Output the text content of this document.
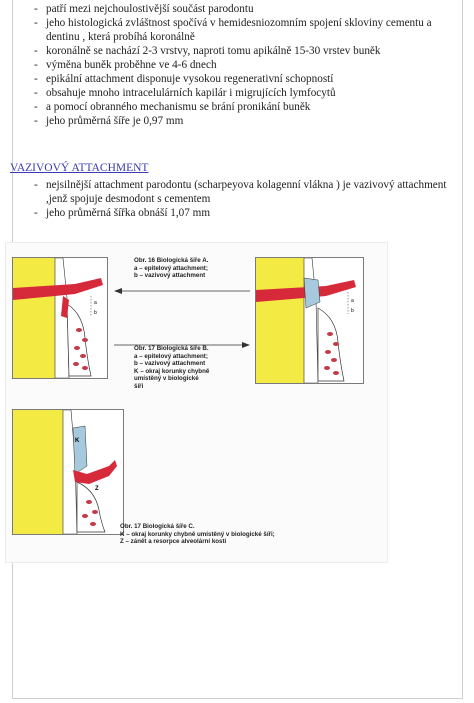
- patří mezi nejchoulostivější součást parodontu
- jeho histologická zvláštnost spočívá v hemidesniozomním spojení skloviny cementu a dentinu , která probíhá koronálně
- koronálně se nachází 2-3 vrstvy, naproti tomu apikálně 15-30 vrstev buněk
- výměna buněk proběhne ve 4-6 dnech
- epikální attachment disponuje vysokou regenerativní schopností
- obsahuje mnoho intracelulárních kapilár i migrujících lymfocytů
- a pomocí obranného mechanismu se brání pronikání buněk
- jeho průměrná šíře je 0,97 mm
VAZIVOVÝ ATTACHMENT
- nejsilnější attachment parodontu (scharpeyova kolagenní vlákna ) je vazivový attachment ,jenž spojuje desmodont s cementem
- jeho průměrná šířka obnáší 1,07 mm
a
b
a
b
K
Z
Obr. 16 Biologická šíře A.
a – epitelový attachment;
b – vazivový attachment
Obr. 17 Biologická šíře B.
a – epitelový attachment;
b – vazivový attachment
K – okraj korunky chybně
umístěný v biologické
šíři
Obr. 17 Biologická šíře C.
K – okraj korunky chybně umístěný v biologické šíři;
Z – zánět a resorpce alveolární kosti
